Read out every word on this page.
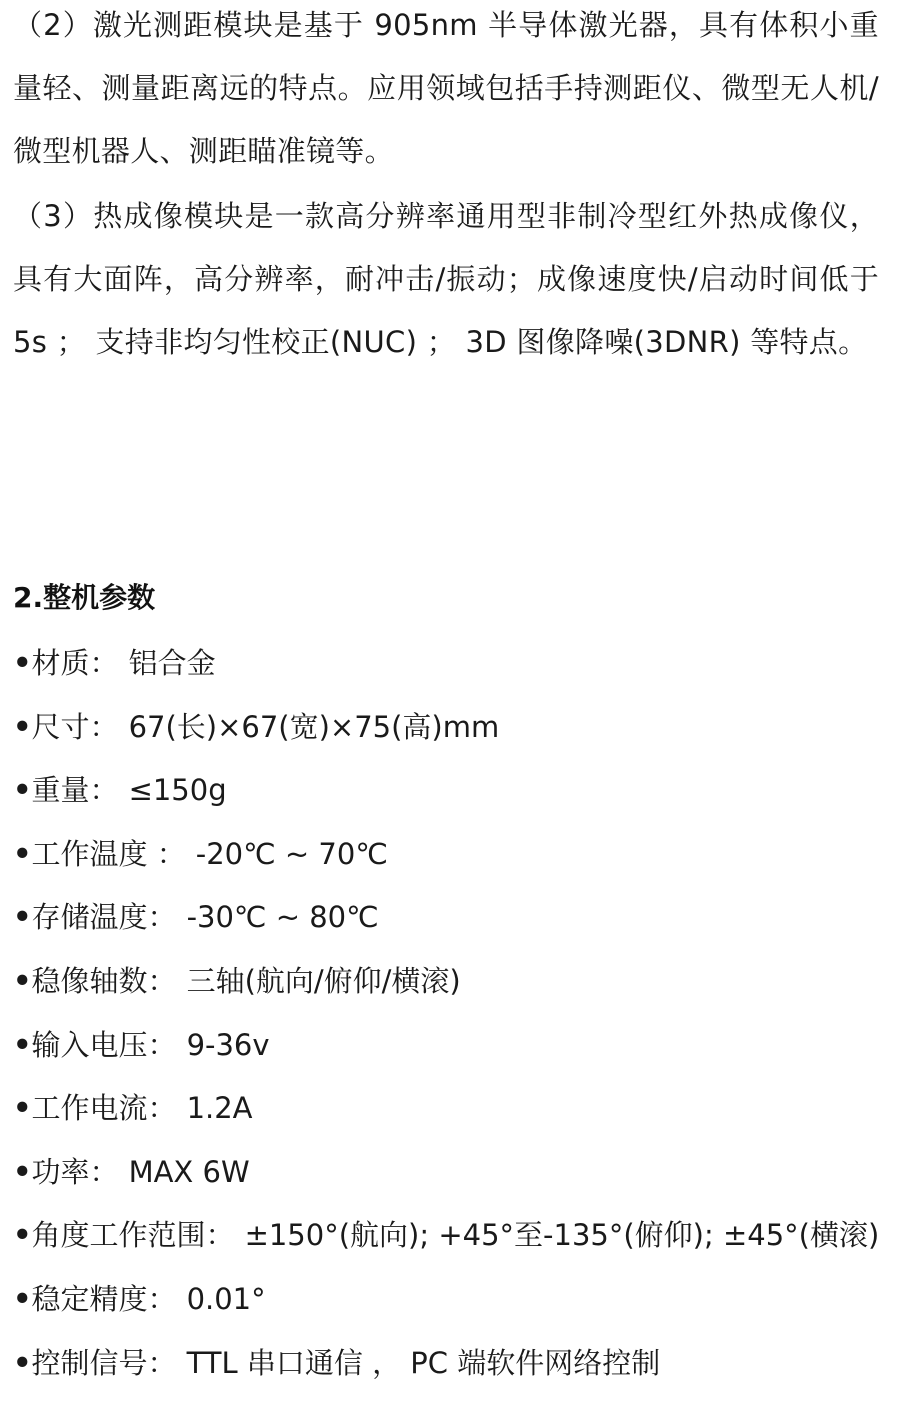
（2）激光测距模块是基于 905nm 半导体激光器，具有体积小重量轻、测量距离远的特点。应用领域包括手持测距仪、微型无人机/微型机器人、测距瞄准镜等。

（3）热成像模块是一款高分辨率通用型非制冷型红外热成像仪，具有大面阵，高分辨率，耐冲击/振动；成像速度快/启动时间低于 5s ； 支持非均匀性校正(NUC) ； 3D 图像降噪(3DNR) 等特点。

2.整机参数
•材质： 铝合金
•尺寸： 67(长)×67(宽)×75(高)mm
•重量： ≤150g
•工作温度 ： -20℃ ~ 70℃
•存储温度： -30℃ ~ 80℃
•稳像轴数： 三轴(航向/俯仰/横滚)
•输入电压： 9-36v
•工作电流： 1.2A
•功率： MAX 6W
•角度工作范围： ±150°(航向); +45°至-135°(俯仰); ±45°(横滚)
•稳定精度： 0.01°
•控制信号： TTL 串口通信 ， PC 端软件网络控制
